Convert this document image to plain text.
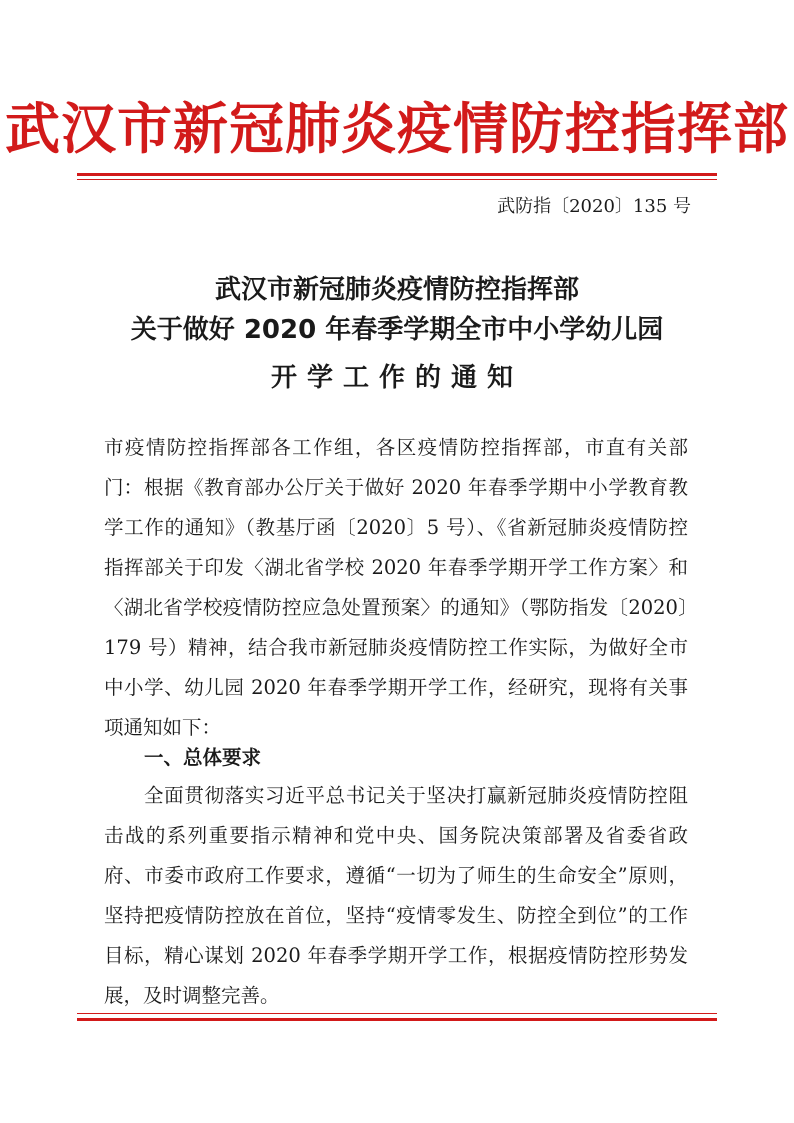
武汉市新冠肺炎疫情防控指挥部
武防指〔2020〕135 号
武汉市新冠肺炎疫情防控指挥部
关于做好 2020 年春季学期全市中小学幼儿园
开学工作的通知
市疫情防控指挥部各工作组，各区疫情防控指挥部，市直有关部门： 根据《教育部办公厅关于做好 2020 年春季学期中小学教育教学工作的通知》（教基厅函〔2020〕5 号）、《省新冠肺炎疫情防控指挥部关于印发〈湖北省学校 2020 年春季学期开学工作方案〉和〈湖北省学校疫情防控应急处置预案〉的通知》（鄂防指发〔2020〕179 号）精神，结合我市新冠肺炎疫情防控工作实际，为做好全市中小学、幼儿园 2020 年春季学期开学工作，经研究，现将有关事项通知如下：
一、总体要求
全面贯彻落实习近平总书记关于坚决打赢新冠肺炎疫情防控阻击战的系列重要指示精神和党中央、国务院决策部署及省委省政府、市委市政府工作要求，遵循“一切为了师生的生命安全”原则，坚持把疫情防控放在首位，坚持“疫情零发生、防控全到位”的工作目标，精心谋划 2020 年春季学期开学工作，根据疫情防控形势发展，及时调整完善。
